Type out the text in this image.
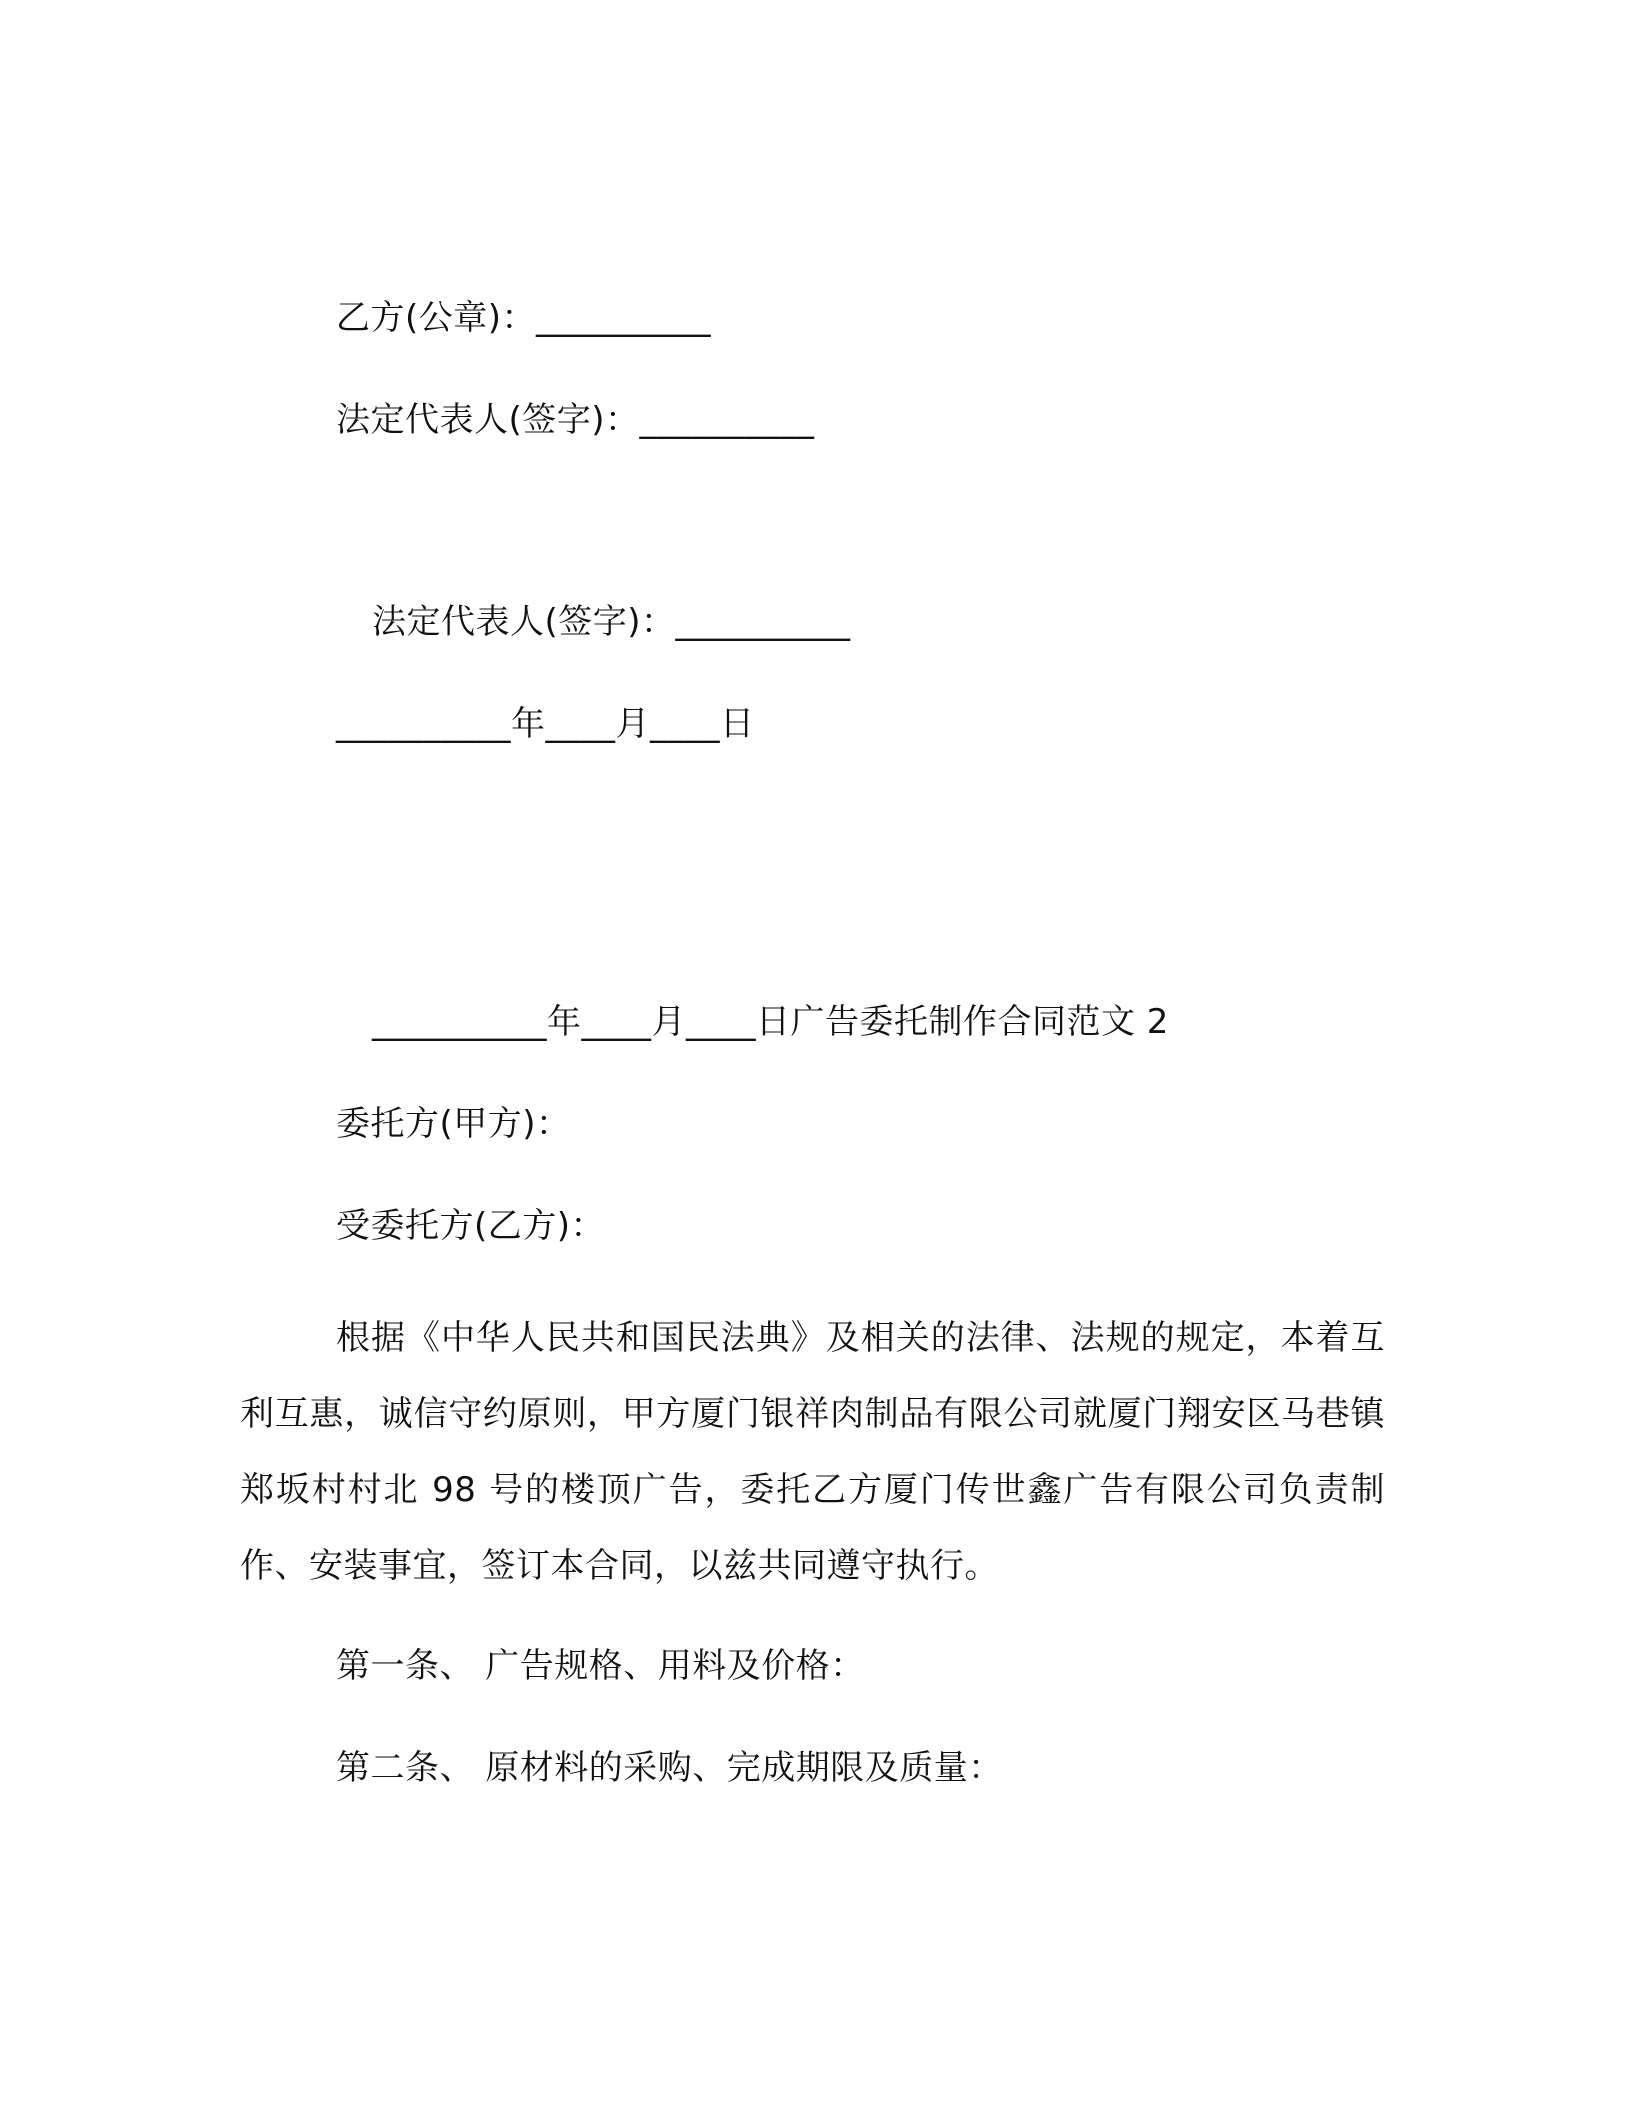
乙方(公章)：__________
法定代表人(签字)：__________
法定代表人(签字)：__________
__________年____月____日
__________年____月____日广告委托制作合同范文 2
委托方(甲方)：
受委托方(乙方)：
根据《中华人民共和国民法典》及相关的法律、法规的规定，本着互利互惠，诚信守约原则，甲方厦门银祥肉制品有限公司就厦门翔安区马巷镇郑坂村村北 98 号的楼顶广告，委托乙方厦门传世鑫广告有限公司负责制作、安装事宜，签订本合同，以兹共同遵守执行。
第一条、 广告规格、用料及价格：
第二条、 原材料的采购、完成期限及质量：
